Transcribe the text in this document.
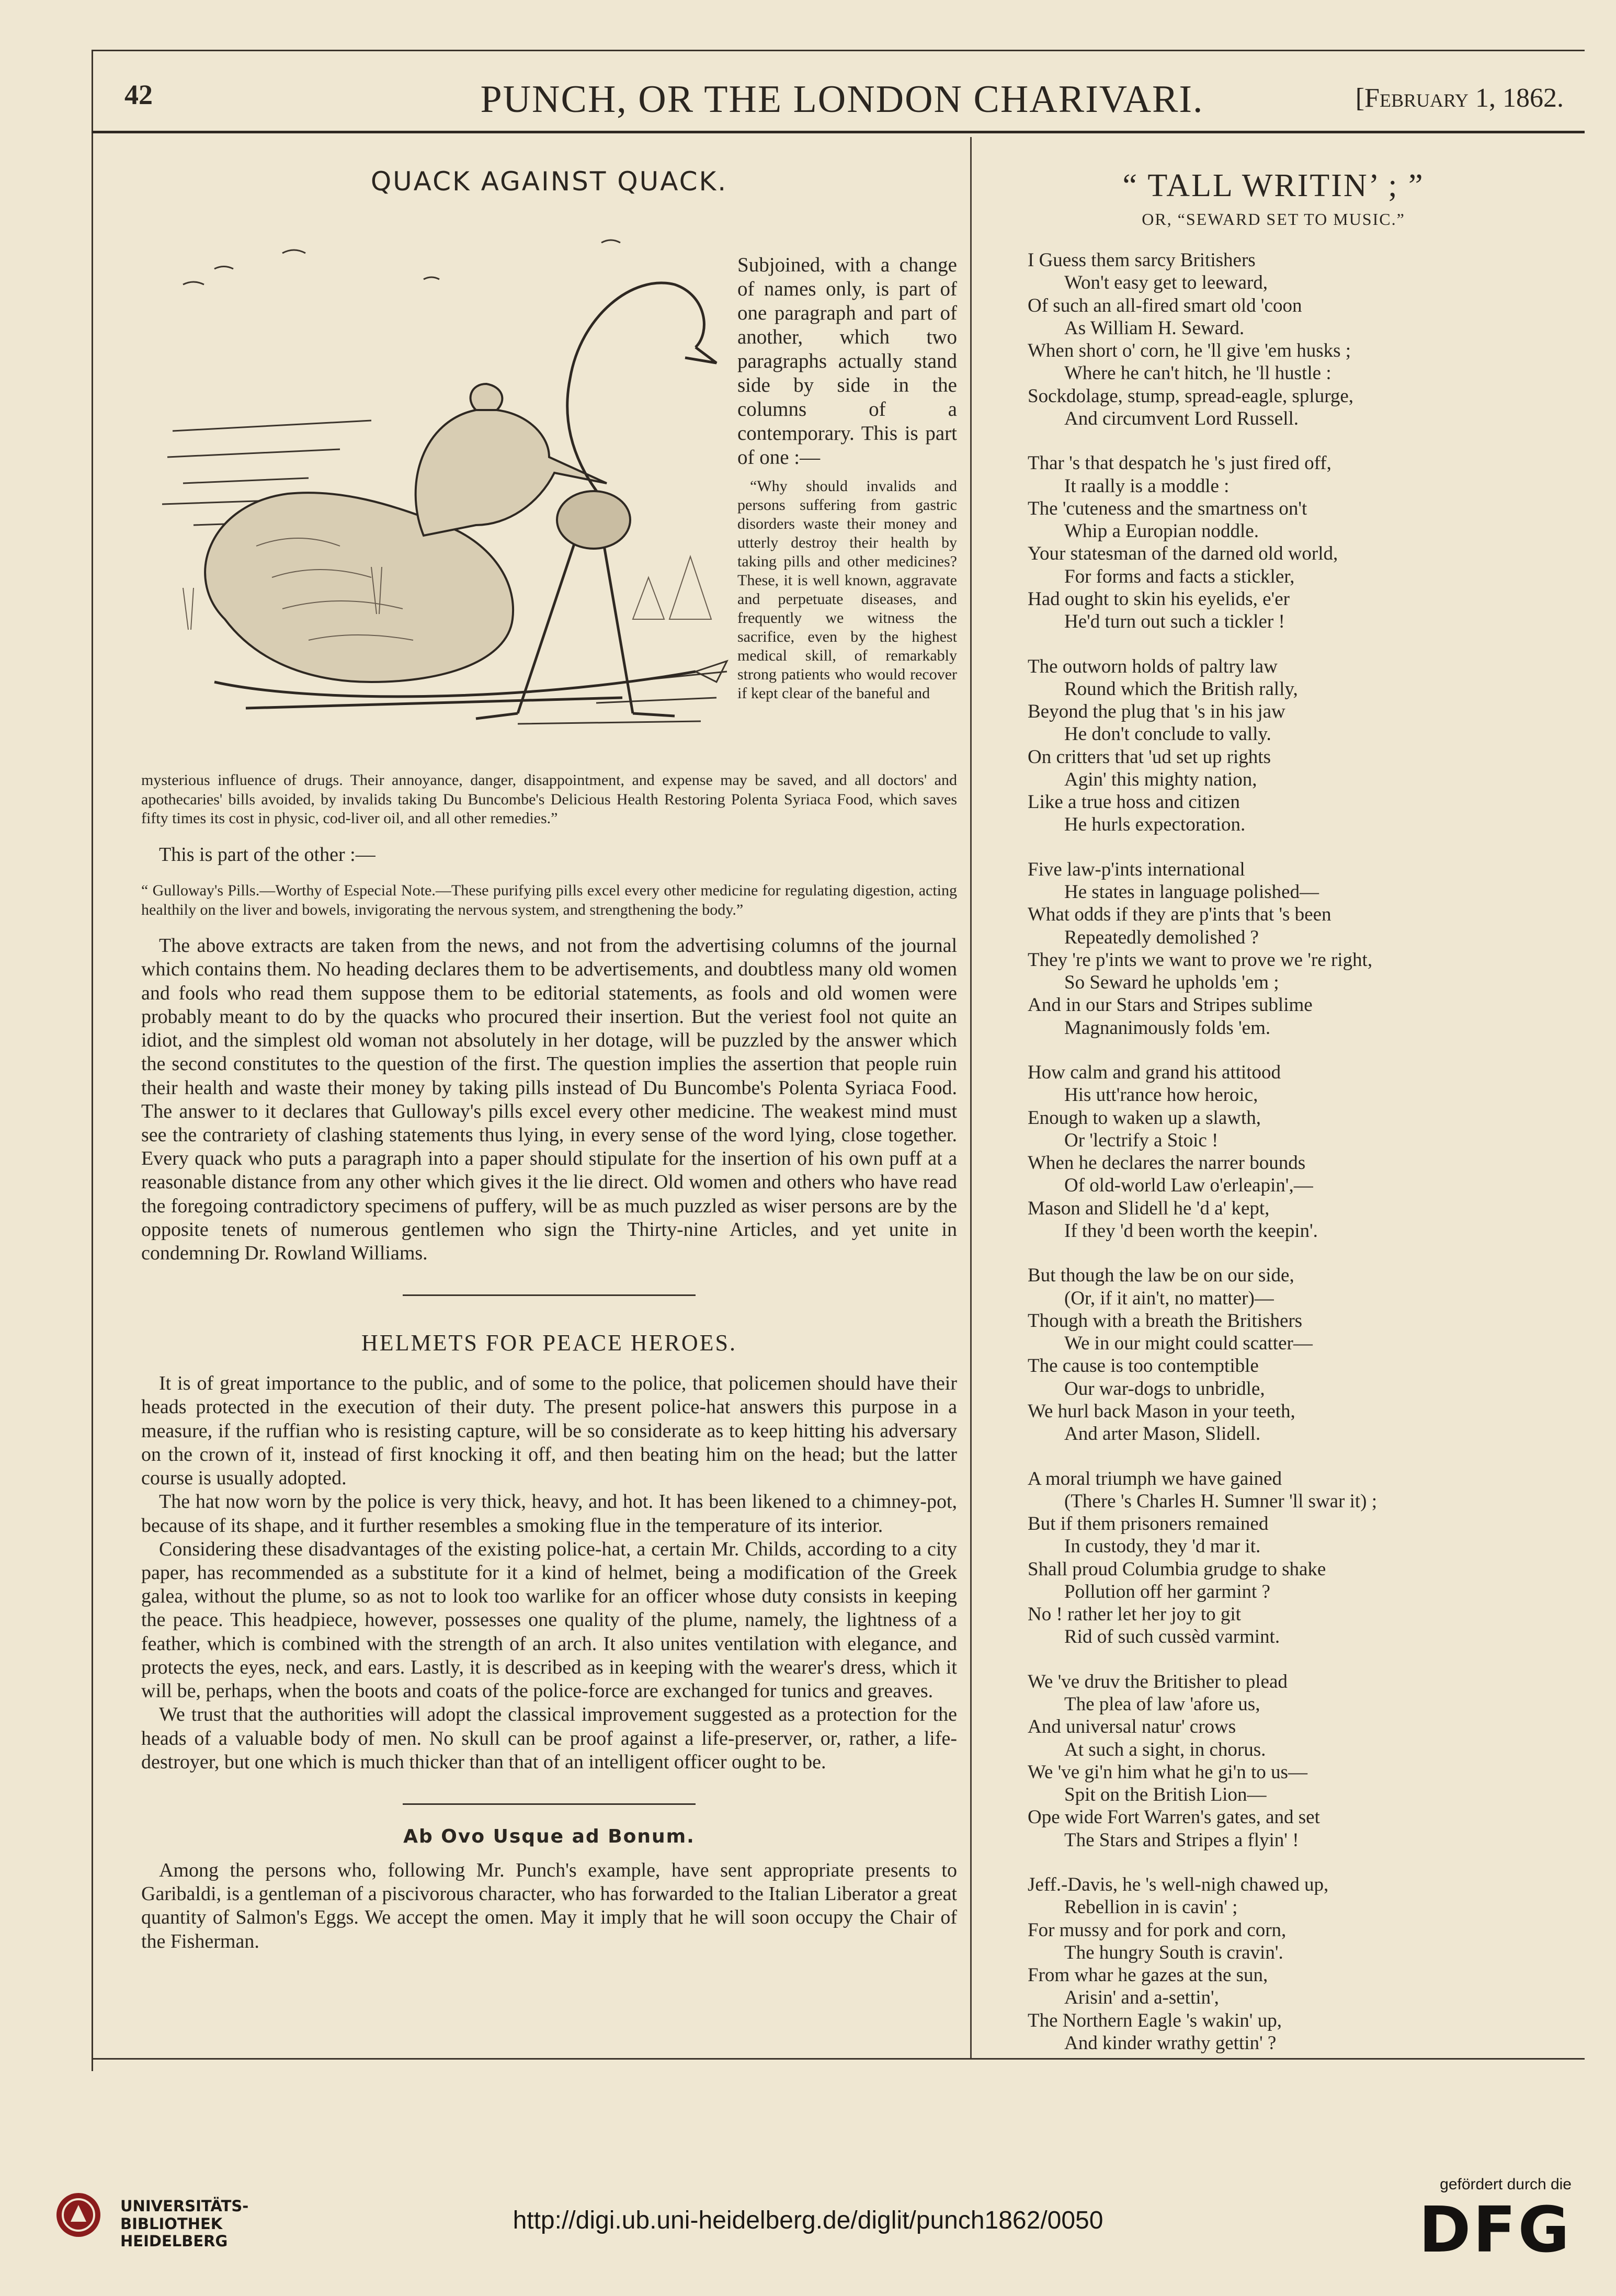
42	PUNCH, OR THE LONDON CHARIVARI.	[February 1, 1862.
QUACK AGAINST QUACK.

Subjoined, with a change of names only, is part of one paragraph and part of another, which two paragraphs actually stand side by side in the columns of a contemporary. This is part of one :—

“Why should invalids and persons suffering from gastric disorders waste their money and utterly destroy their health by taking pills and other medicines? These, it is well known, aggravate and perpetuate diseases, and frequently we witness the sacrifice, even by the highest medical skill, of remarkably strong patients who would recover if kept clear of the baneful and

mysterious influence of drugs. Their annoyance, danger, disappointment, and expense may be saved, and all doctors' and apothecaries' bills avoided, by invalids taking Du Buncombe's Delicious Health Restoring Polenta Syriaca Food, which saves fifty times its cost in physic, cod-liver oil, and all other remedies.”

This is part of the other :—

“ Gulloway's Pills.—Worthy of Especial Note.—These purifying pills excel every other medicine for regulating digestion, acting healthily on the liver and bowels, invigorating the nervous system, and strengthening the body.”

The above extracts are taken from the news, and not from the advertising columns of the journal which contains them. No heading declares them to be advertisements, and doubtless many old women and fools who read them suppose them to be editorial statements, as fools and old women were probably meant to do by the quacks who procured their insertion. But the veriest fool not quite an idiot, and the simplest old woman not absolutely in her dotage, will be puzzled by the answer which the second constitutes to the question of the first. The question implies the assertion that people ruin their health and waste their money by taking pills instead of Du Buncombe's Polenta Syriaca Food. The answer to it declares that Gulloway's pills excel every other medicine. The weakest mind must see the contrariety of clashing statements thus lying, in every sense of the word lying, close together. Every quack who puts a paragraph into a paper should stipulate for the insertion of his own puff at a reasonable distance from any other which gives it the lie direct. Old women and others who have read the foregoing contradictory specimens of puffery, will be as much puzzled as wiser persons are by the opposite tenets of numerous gentlemen who sign the Thirty-nine Articles, and yet unite in condemning Dr. Rowland Williams.

HELMETS FOR PEACE HEROES.

It is of great importance to the public, and of some to the police, that policemen should have their heads protected in the execution of their duty. The present police-hat answers this purpose in a measure, if the ruffian who is resisting capture, will be so considerate as to keep hitting his adversary on the crown of it, instead of first knocking it off, and then beating him on the head; but the latter course is usually adopted.

The hat now worn by the police is very thick, heavy, and hot. It has been likened to a chimney-pot, because of its shape, and it further resembles a smoking flue in the temperature of its interior.

Considering these disadvantages of the existing police-hat, a certain Mr. Childs, according to a city paper, has recommended as a substitute for it a kind of helmet, being a modification of the Greek galea, without the plume, so as not to look too warlike for an officer whose duty consists in keeping the peace. This headpiece, however, possesses one quality of the plume, namely, the lightness of a feather, which is combined with the strength of an arch. It also unites ventilation with elegance, and protects the eyes, neck, and ears. Lastly, it is described as in keeping with the wearer's dress, which it will be, perhaps, when the boots and coats of the police-force are exchanged for tunics and greaves.

We trust that the authorities will adopt the classical improvement suggested as a protection for the heads of a valuable body of men. No skull can be proof against a life-preserver, or, rather, a life-destroyer, but one which is much thicker than that of an intelligent officer ought to be.

Ab Ovo Usque ad Bonum.

Among the persons who, following Mr. Punch's example, have sent appropriate presents to Garibaldi, is a gentleman of a piscivorous character, who has forwarded to the Italian Liberator a great quantity of Salmon's Eggs. We accept the omen. May it imply that he will soon occupy the Chair of the Fisherman.

“ TALL WRITIN’ ; ”
OR, “SEWARD SET TO MUSIC.”
I Guess them sarcy Britishers
Won't easy get to leeward,
Of such an all-fired smart old 'coon
As William H. Seward.
When short o' corn, he 'll give 'em husks ;
Where he can't hitch, he 'll hustle :
Sockdolage, stump, spread-eagle, splurge,
And circumvent Lord Russell.
Thar 's that despatch he 's just fired off,
It raally is a moddle :
The 'cuteness and the smartness on't
Whip a Europian noddle.
Your statesman of the darned old world,
For forms and facts a stickler,
Had ought to skin his eyelids, e'er
He'd turn out such a tickler !
The outworn holds of paltry law
Round which the British rally,
Beyond the plug that 's in his jaw
He don't conclude to vally.
On critters that 'ud set up rights
Agin' this mighty nation,
Like a true hoss and citizen
He hurls expectoration.
Five law-p'ints international
He states in language polished—
What odds if they are p'ints that 's been
Repeatedly demolished ?
They 're p'ints we want to prove we 're right,
So Seward he upholds 'em ;
And in our Stars and Stripes sublime
Magnanimously folds 'em.
How calm and grand his attitood
His utt'rance how heroic,
Enough to waken up a slawth,
Or 'lectrify a Stoic !
When he declares the narrer bounds
Of old-world Law o'erleapin',—
Mason and Slidell he 'd a' kept,
If they 'd been worth the keepin'.
But though the law be on our side,
(Or, if it ain't, no matter)—
Though with a breath the Britishers
We in our might could scatter—
The cause is too contemptible
Our war-dogs to unbridle,
We hurl back Mason in your teeth,
And arter Mason, Slidell.
A moral triumph we have gained
(There 's Charles H. Sumner 'll swar it) ;
But if them prisoners remained
In custody, they 'd mar it.
Shall proud Columbia grudge to shake
Pollution off her garmint ?
No ! rather let her joy to git
Rid of such cussèd varmint.
We 've druv the Britisher to plead
The plea of law 'afore us,
And universal natur' crows
At such a sight, in chorus.
We 've gi'n him what he gi'n to us—
Spit on the British Lion—
Ope wide Fort Warren's gates, and set
The Stars and Stripes a flyin' !
Jeff.-Davis, he 's well-nigh chawed up,
Rebellion in is cavin' ;
For mussy and for pork and corn,
The hungry South is cravin'.
From whar he gazes at the sun,
Arisin' and a-settin',
The Northern Eagle 's wakin' up,
And kinder wrathy gettin' ?
UNIVERSITÄTS-
BIBLIOTHEK
HEIDELBERG
http://digi.ub.uni-heidelberg.de/diglit/punch1862/0050
gefördert durch die
DFG
